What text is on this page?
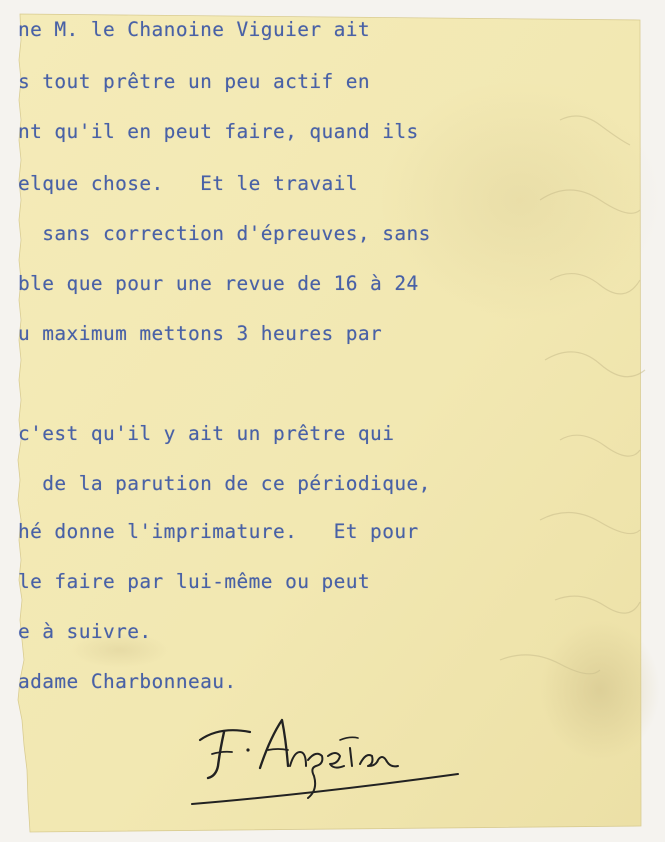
ne M. le Chanoine Viguier ait

s tout prêtre un peu actif en

nt qu'il en peut faire, quand ils

elque chose.   Et le travail

sans correction d'épreuves, sans

ble que pour une revue de 16 à 24

u maximum mettons 3 heures par

c'est qu'il y ait un prêtre qui

de la parution de ce périodique,

hé donne l'imprimature.   Et pour

le faire par lui-même ou peut

e à suivre.

adame Charbonneau.
